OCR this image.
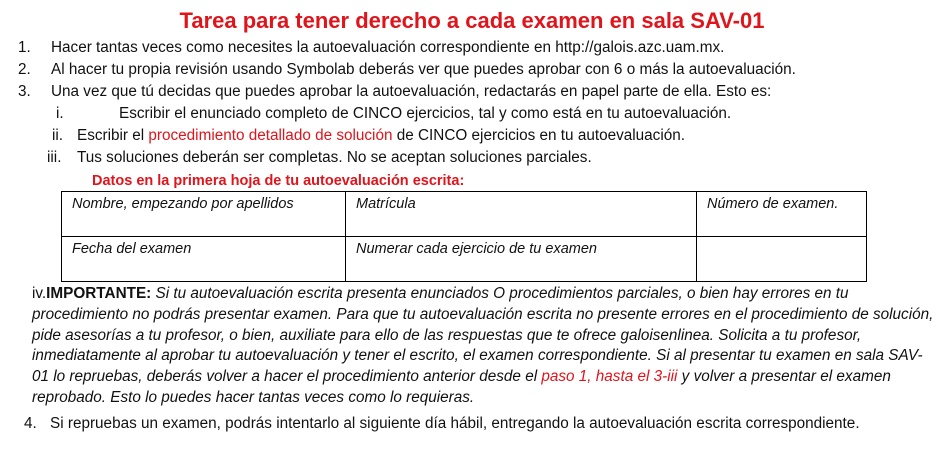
Tarea para tener derecho a cada examen en sala SAV-01
1. Hacer tantas veces como necesites la autoevaluación correspondiente en http://galois.azc.uam.mx.
2. Al hacer tu propia revisión usando Symbolab deberás ver que puedes aprobar con 6 o más la autoevaluación.
3. Una vez que tú decidas que puedes aprobar la autoevaluación, redactarás en papel parte de ella. Esto es:
i.	Escribir el enunciado completo de CINCO ejercicios, tal y como está en tu autoevaluación.
ii. Escribir el procedimiento detallado de solución de CINCO ejercicios en tu autoevaluación.
iii. Tus soluciones deberán ser completas. No se aceptan soluciones parciales.
Datos en la primera hoja de tu autoevaluación escrita:
Nombre, empezando por apellidos	Matrícula	Número de examen.
Fecha del examen	Numerar cada ejercicio de tu examen	
iv.IMPORTANTE: Si tu autoevaluación escrita presenta enunciados O procedimientos parciales, o bien hay errores en tu procedimiento no podrás presentar examen. Para que tu autoevaluación escrita no presente errores en el procedimiento de solución, pide asesorías a tu profesor, o bien, auxiliate para ello de las respuestas que te ofrece galoisenlinea. Solicita a tu profesor, inmediatamente al aprobar tu autoevaluación y tener el escrito, el examen correspondiente. Si al presentar tu examen en sala SAV-01 lo repruebas, deberás volver a hacer el procedimiento anterior desde el paso 1, hasta el 3-iii y volver a presentar el examen reprobado. Esto lo puedes hacer tantas veces como lo requieras.
4. Si repruebas un examen, podrás intentarlo al siguiente día hábil, entregando la autoevaluación escrita correspondiente.
